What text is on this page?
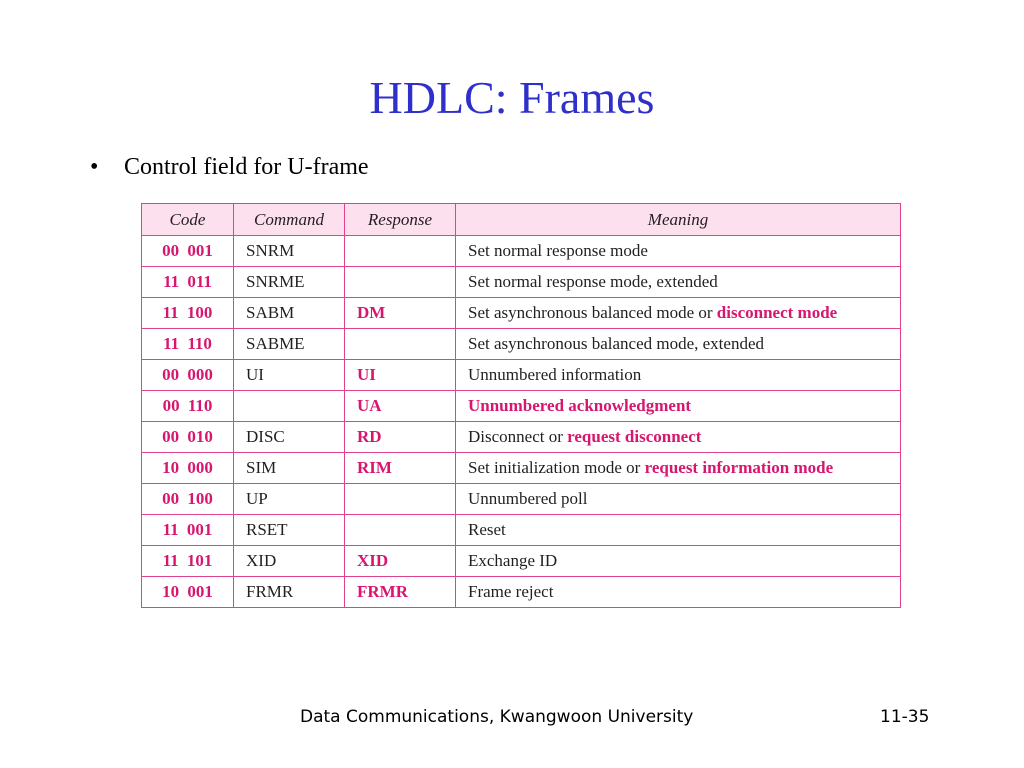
HDLC: Frames
• Control field for U-frame
Code	Command	Response	Meaning
00 001	SNRM		Set normal response mode
11 011	SNRME		Set normal response mode, extended
11 100	SABM	DM	Set asynchronous balanced mode or disconnect mode
11 110	SABME		Set asynchronous balanced mode, extended
00 000	UI	UI	Unnumbered information
00 110		UA	Unnumbered acknowledgment
00 010	DISC	RD	Disconnect or request disconnect
10 000	SIM	RIM	Set initialization mode or request information mode
00 100	UP		Unnumbered poll
11 001	RSET		Reset
11 101	XID	XID	Exchange ID
10 001	FRMR	FRMR	Frame reject
Data Communications, Kwangwoon University	11-35
